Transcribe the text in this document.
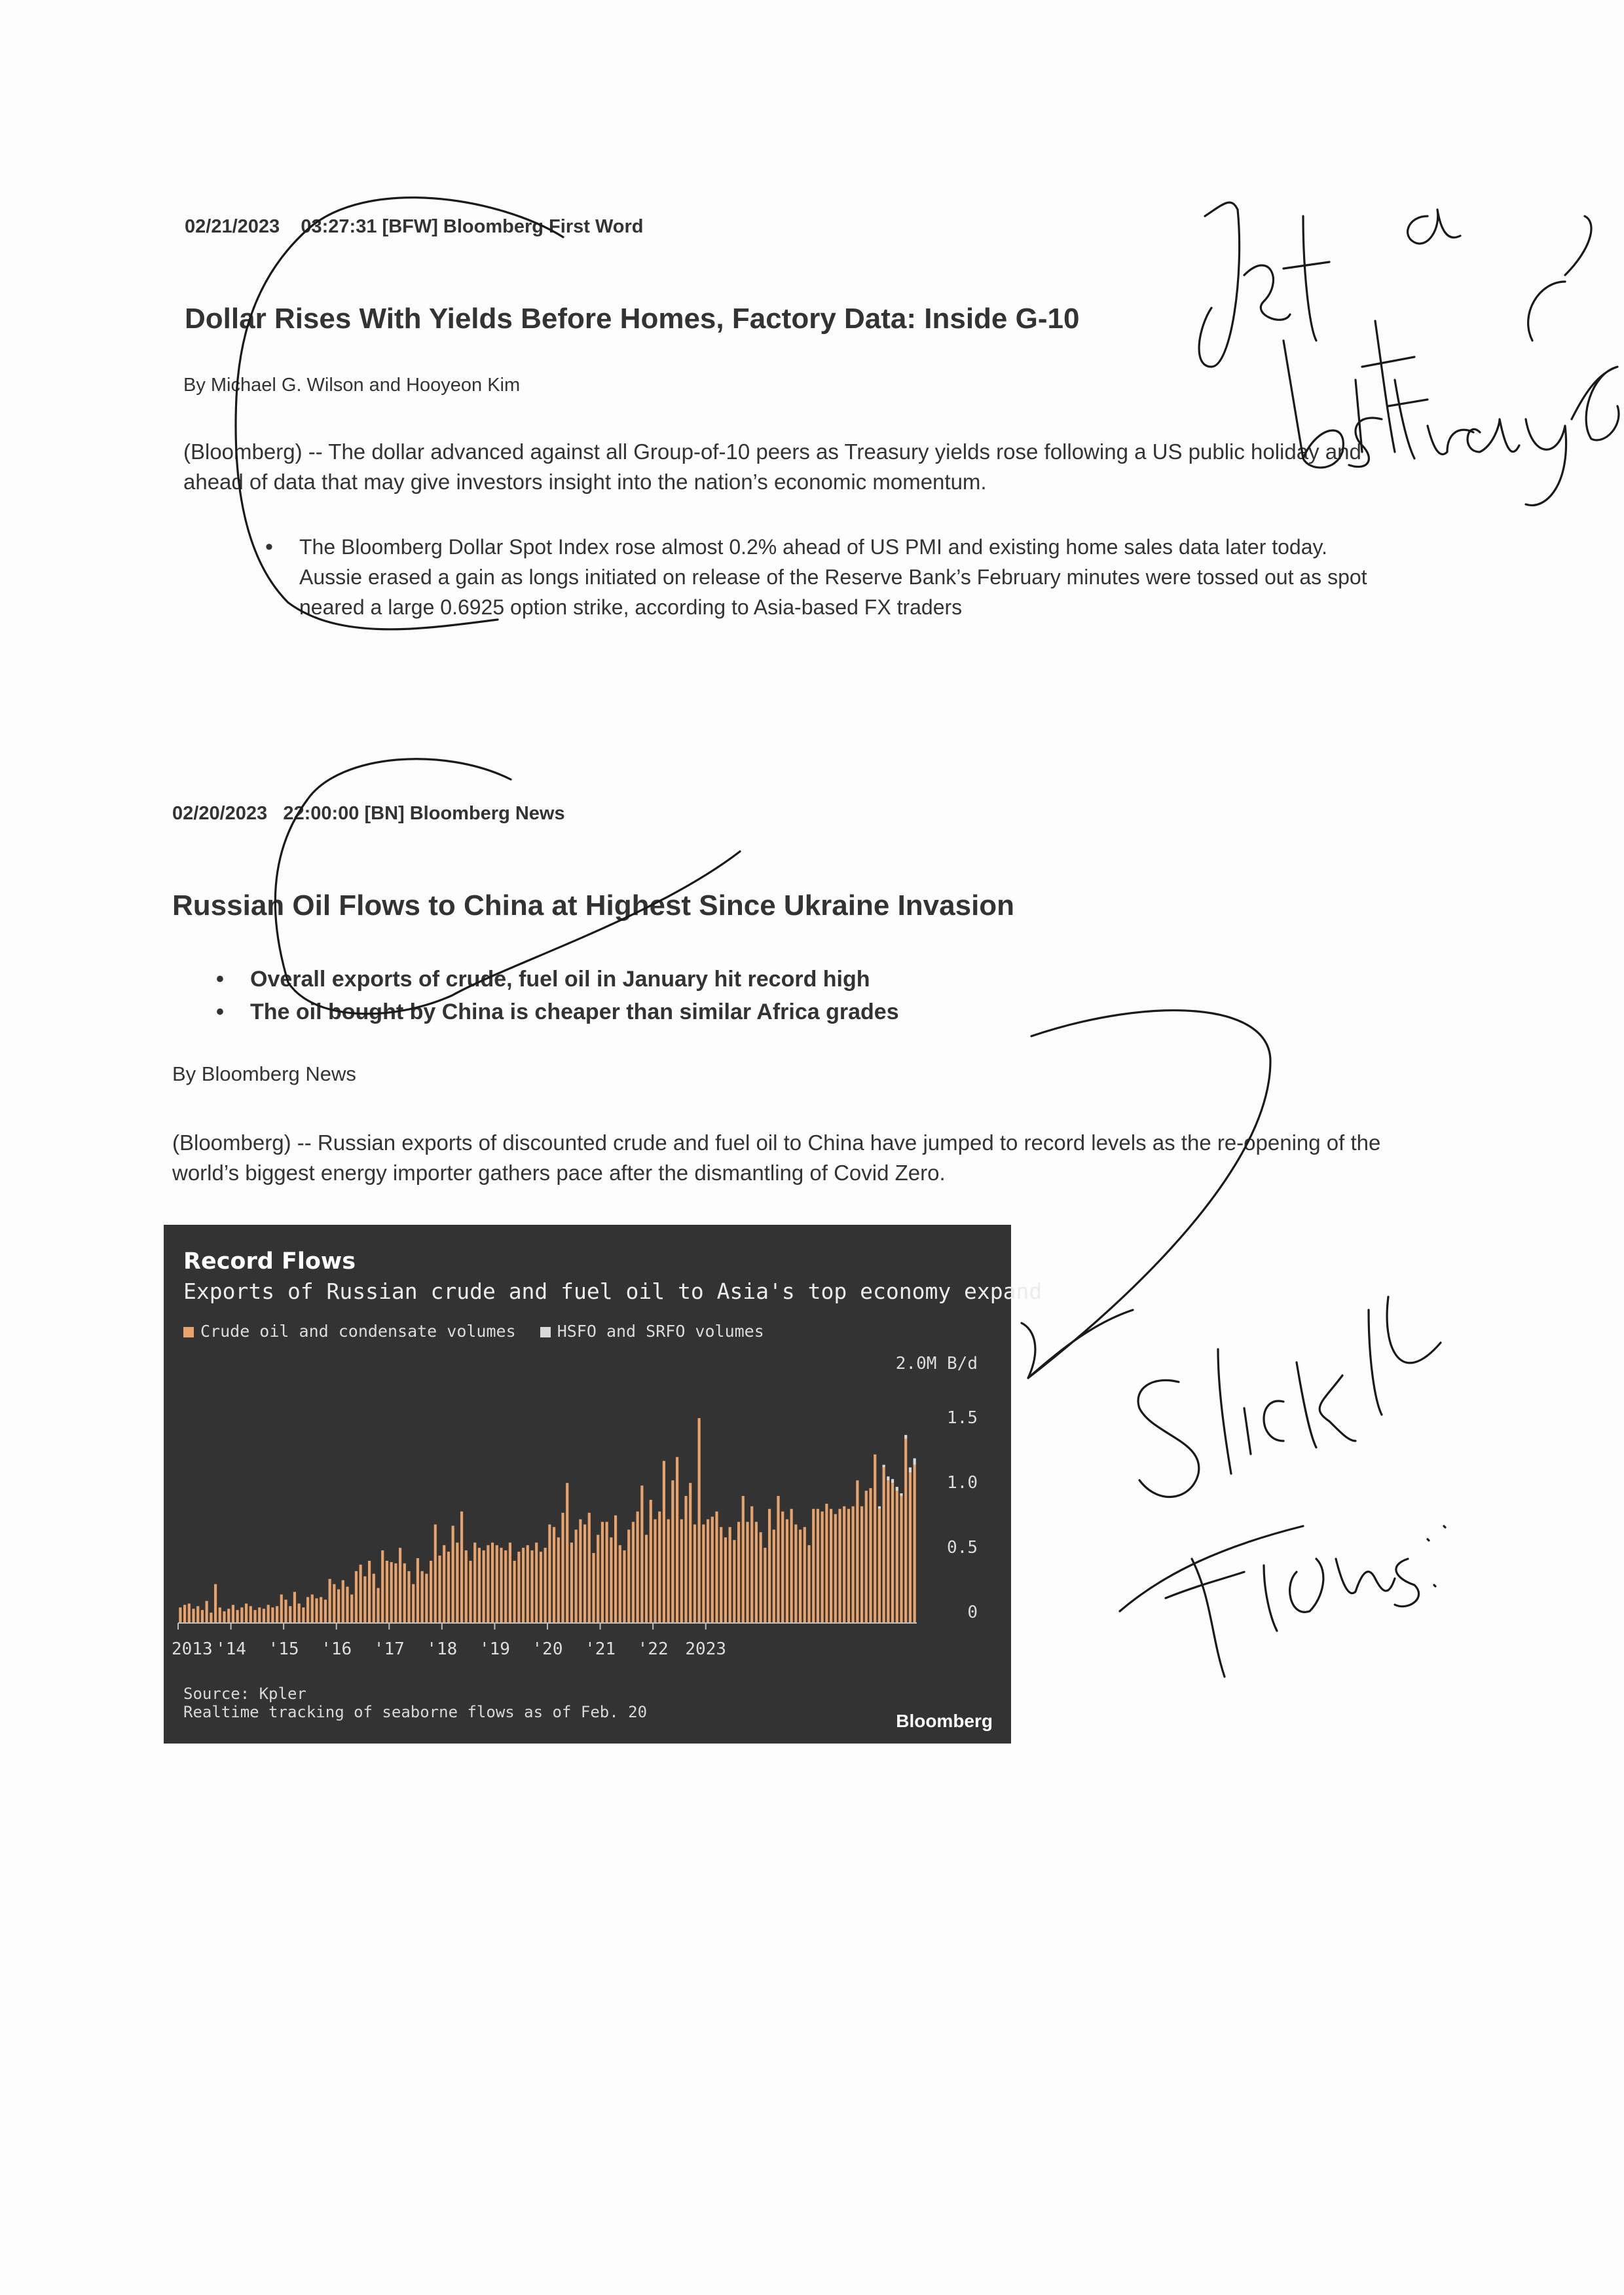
02/21/2023 03:27:31 [BFW] Bloomberg First Word
Dollar Rises With Yields Before Homes, Factory Data: Inside G-10
By Michael G. Wilson and Hooyeon Kim
(Bloomberg) -- The dollar advanced against all Group-of-10 peers as Treasury yields rose following a US public holiday and ahead of data that may give investors insight into the nation’s economic momentum.
• The Bloomberg Dollar Spot Index rose almost 0.2% ahead of US PMI and existing home sales data later today. Aussie erased a gain as longs initiated on release of the Reserve Bank’s February minutes were tossed out as spot neared a large 0.6925 option strike, according to Asia-based FX traders
02/20/2023 22:00:00 [BN] Bloomberg News
Russian Oil Flows to China at Highest Since Ukraine Invasion
• Overall exports of crude, fuel oil in January hit record high
• The oil bought by China is cheaper than similar Africa grades
By Bloomberg News
(Bloomberg) -- Russian exports of discounted crude and fuel oil to China have jumped to record levels as the re-opening of the world’s biggest energy importer gathers pace after the dismantling of Covid Zero.
Record Flows
Exports of Russian crude and fuel oil to Asia's top economy expand
Crude oil and condensate volumes	HSFO and SRFO volumes
2.0M B/d
0
0.5
1.0
1.5
2013 '14 '15 '16 '17 '18 '19 '20 '21 '22 2023
Source: Kpler
Realtime tracking of seaborne flows as of Feb. 20	Bloomberg
